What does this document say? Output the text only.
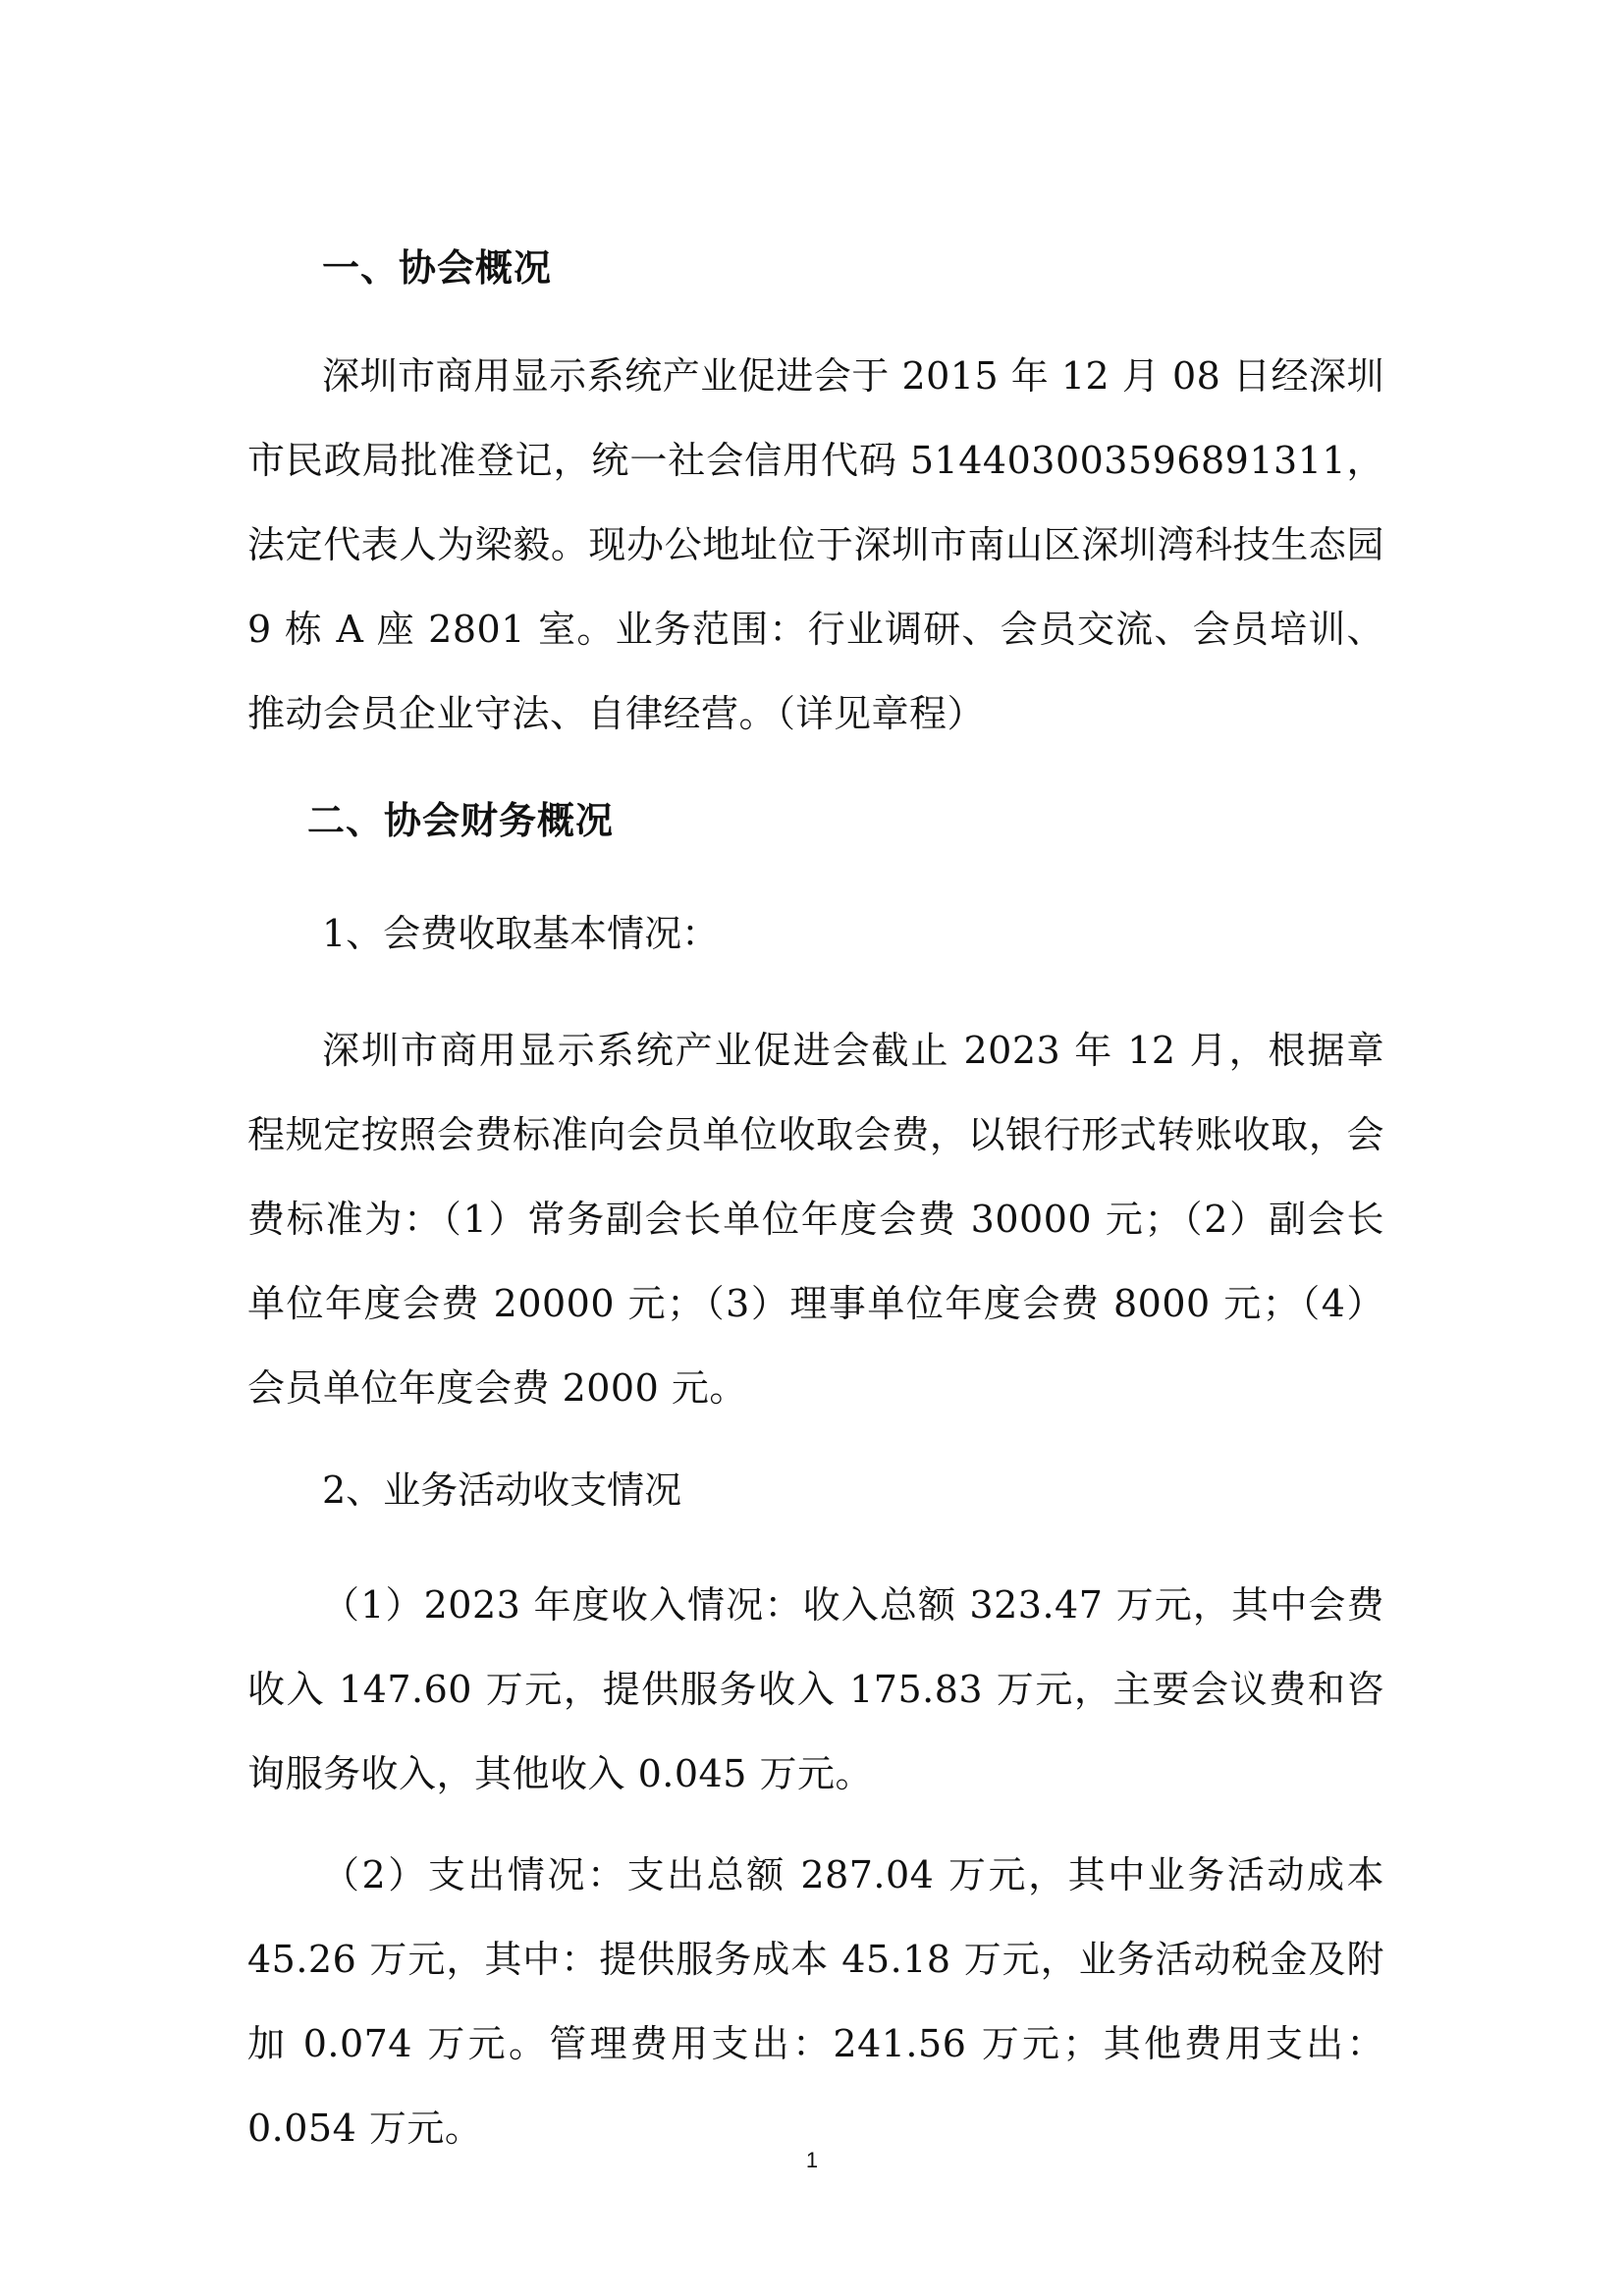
一、协会概况

深圳市商用显示系统产业促进会于 2015 年 12 月 08 日经深圳市民政局批准登记，统一社会信用代码 514403003596891311，法定代表人为梁毅。现办公地址位于深圳市南山区深圳湾科技生态园 9 栋 A 座 2801 室。业务范围：行业调研、会员交流、会员培训、推动会员企业守法、自律经营。（详见章程）

二、协会财务概况

1、会费收取基本情况：

深圳市商用显示系统产业促进会截止 2023 年 12 月，根据章程规定按照会费标准向会员单位收取会费，以银行形式转账收取，会费标准为：（1）常务副会长单位年度会费 30000 元；（2）副会长单位年度会费 20000 元；（3）理事单位年度会费 8000 元；（4）会员单位年度会费 2000 元。

2、业务活动收支情况

（1）2023 年度收入情况：收入总额 323.47 万元，其中会费收入 147.60 万元，提供服务收入 175.83 万元，主要会议费和咨询服务收入，其他收入 0.045 万元。

（2）支出情况：支出总额 287.04 万元，其中业务活动成本 45.26 万元，其中：提供服务成本 45.18 万元，业务活动税金及附加 0.074 万元。管理费用支出：241.56 万元；其他费用支出：0.054 万元。

1
